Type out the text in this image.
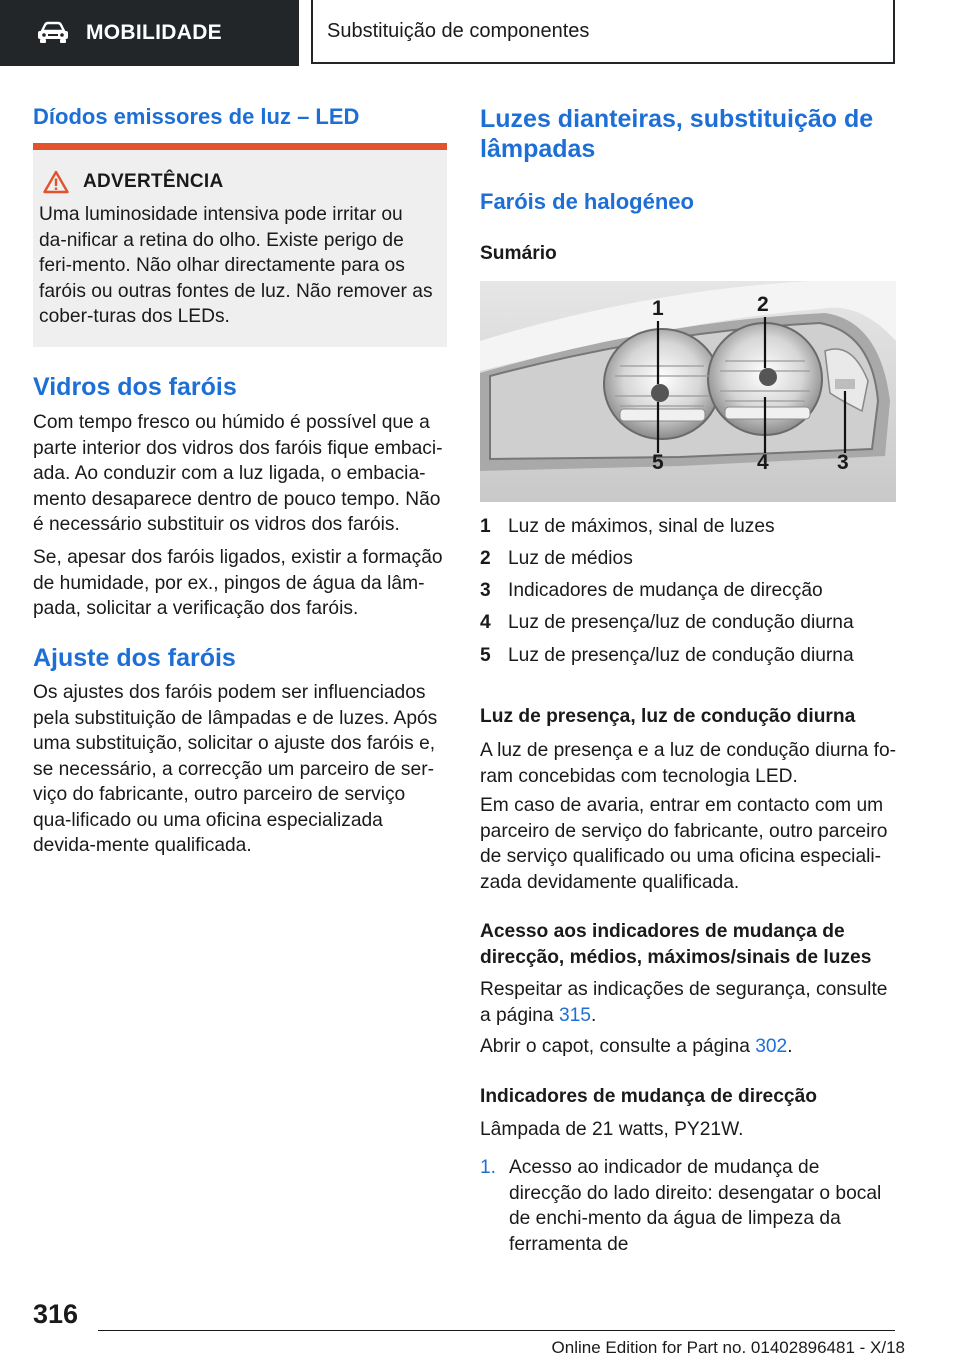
MOBILIDADE	Substituição de componentes
Díodos emissores de luz – LED
ADVERTÊNCIA

Uma luminosidade intensiva pode irritar ou da-nificar a retina do olho. Existe perigo de feri-mento. Não olhar directamente para os faróis ou outras fontes de luz. Não remover as cober-turas dos LEDs.

Vidros dos faróis

Com tempo fresco ou húmido é possível que a parte interior dos vidros dos faróis fique embaci-ada. Ao conduzir com a luz ligada, o embacia-mento desaparece dentro de pouco tempo. Não é necessário substituir os vidros dos faróis.

Se, apesar dos faróis ligados, existir a formação de humidade, por ex., pingos de água da lâm-pada, solicitar a verificação dos faróis.

Ajuste dos faróis

Os ajustes dos faróis podem ser influenciados pela substituição de lâmpadas e de luzes. Após uma substituição, solicitar o ajuste dos faróis e, se necessário, a correcção um parceiro de ser-viço do fabricante, outro parceiro de serviço qua-lificado ou uma oficina especializada devida-mente qualificada.

Luzes dianteiras, substituição de lâmpadas
Faróis de halogéneo
Sumário
1	2
5	4	3
1 Luz de máximos, sinal de luzes
2 Luz de médios
3 Indicadores de mudança de direcção
4 Luz de presença/luz de condução diurna
5 Luz de presença/luz de condução diurna
Luz de presença, luz de condução diurna

A luz de presença e a luz de condução diurna fo-ram concebidas com tecnologia LED.

Em caso de avaria, entrar em contacto com um parceiro de serviço do fabricante, outro parceiro de serviço qualificado ou uma oficina especiali-zada devidamente qualificada.

Acesso aos indicadores de mudança de direcção, médios, máximos/sinais de luzes

Respeitar as indicações de segurança, consulte a página 315.

Abrir o capot, consulte a página 302.

Indicadores de mudança de direcção

Lâmpada de 21 watts, PY21W.

1. Acesso ao indicador de mudança de direcção do lado direito: desengatar o bocal de enchi-mento da água de limpeza da ferramenta de
316
Online Edition for Part no. 01402896481 - X/18
